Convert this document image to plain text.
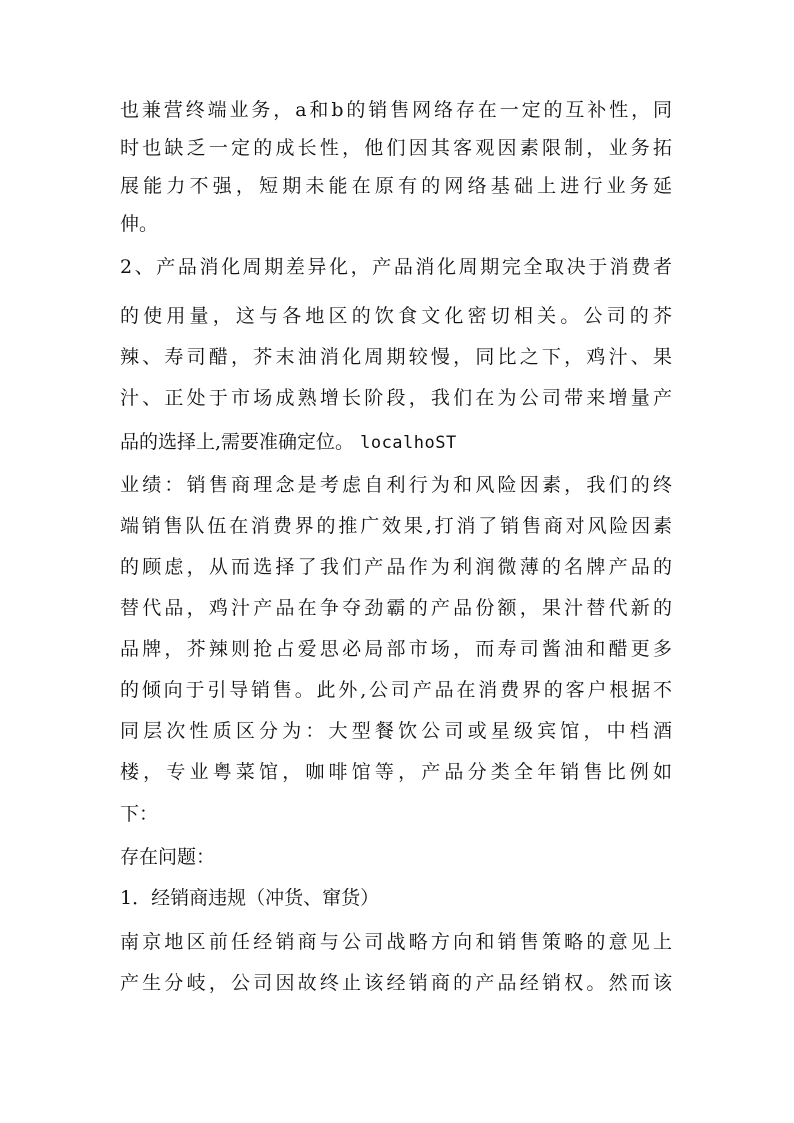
也兼营终端业务，a和b的销售网络存在一定的互补性，同
时也缺乏一定的成长性，他们因其客观因素限制，业务拓
展能力不强，短期未能在原有的网络基础上进行业务延
伸。
2、产品消化周期差异化，产品消化周期完全取决于消费者
的使用量，这与各地区的饮食文化密切相关。公司的芥
辣、寿司醋，芥末油消化周期较慢，同比之下，鸡汁、果
汁、正处于市场成熟增长阶段，我们在为公司带来增量产
品的选择上,需要准确定位。 localhoST
业绩：销售商理念是考虑自利行为和风险因素，我们的终
端销售队伍在消费界的推广效果,打消了销售商对风险因素
的顾虑，从而选择了我们产品作为利润微薄的名牌产品的
替代品，鸡汁产品在争夺劲霸的产品份额，果汁替代新的
品牌，芥辣则抢占爱思必局部市场，而寿司酱油和醋更多
的倾向于引导销售。此外,公司产品在消费界的客户根据不
同层次性质区分为：大型餐饮公司或星级宾馆，中档酒
楼，专业粤菜馆，咖啡馆等，产品分类全年销售比例如
下：
存在问题：
1．经销商违规（冲货、窜货）
南京地区前任经销商与公司战略方向和销售策略的意见上
产生分岐，公司因故终止该经销商的产品经销权。然而该
